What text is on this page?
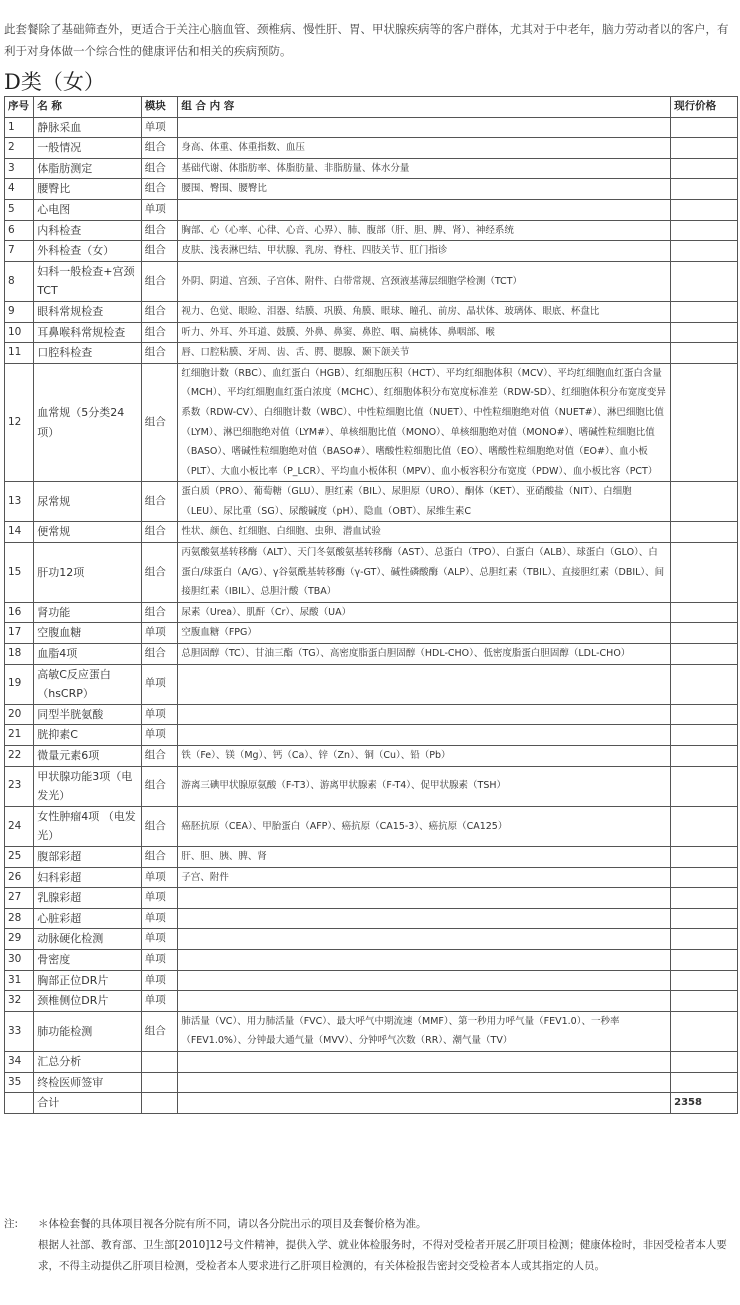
此套餐除了基础筛查外，更适合于关注心脑血管、颈椎病、慢性肝、胃、甲状腺疾病等的客户群体，尤其对于中老年，脑力劳动者以的客户，有利于对身体做一个综合性的健康评估和相关的疾病预防。
D类（女）
序号	名 称	模块	组 合 内 容	现行价格
1	静脉采血	单项		
2	一般情况	组合	身高、体重、体重指数、血压	
3	体脂肪测定	组合	基础代谢、体脂肪率、体脂肪量、非脂肪量、体水分量	
4	腰臀比	组合	腰围、臀围、腰臀比	
5	心电图	单项		
6	内科检查	组合	胸部、心（心率、心律、心音、心界）、肺、腹部（肝、胆、脾、肾）、神经系统	
7	外科检查（女）	组合	皮肤、浅表淋巴结、甲状腺、乳房、脊柱、四肢关节、肛门指诊	
8	妇科一般检查+宫颈TCT	组合	外阴、阴道、宫颈、子宫体、附件、白带常规、宫颈液基薄层细胞学检测（TCT）	
9	眼科常规检查	组合	视力、色觉、眼睑、泪器、结膜、巩膜、角膜、眼球、瞳孔、前房、晶状体、玻璃体、眼底、杯盘比	
10	耳鼻喉科常规检查	组合	听力、外耳、外耳道、鼓膜、外鼻、鼻窦、鼻腔、咽、扁桃体、鼻咽部、喉	
11	口腔科检查	组合	唇、口腔粘膜、牙周、齿、舌、腭、腮腺、颞下颌关节	
12	血常规（5分类24项）	组合	红细胞计数（RBC）、血红蛋白（HGB）、红细胞压积（HCT）、平均红细胞体积（MCV）、平均红细胞血红蛋白含量（MCH）、平均红细胞血红蛋白浓度（MCHC）、红细胞体积分布宽度标准差（RDW-SD）、红细胞体积分布宽度变异系数（RDW-CV）、白细胞计数（WBC）、中性粒细胞比值（NUET）、中性粒细胞绝对值（NUET#）、淋巴细胞比值（LYM）、淋巴细胞绝对值（LYM#）、单核细胞比值（MONO）、单核细胞绝对值（MONO#）、嗜碱性粒细胞比值（BASO）、嗜碱性粒细胞绝对值（BASO#）、嗜酸性粒细胞比值（EO）、嗜酸性粒细胞绝对值（EO#）、血小板（PLT）、大血小板比率（P_LCR）、平均血小板体积（MPV）、血小板容积分布宽度（PDW）、血小板比容（PCT）	
13	尿常规	组合	蛋白质（PRO）、葡萄糖（GLU）、胆红素（BIL）、尿胆原（URO）、酮体（KET）、亚硝酸盐（NIT）、白细胞（LEU）、尿比重（SG）、尿酸碱度（pH）、隐血（OBT）、尿维生素C	
14	便常规	组合	性状、颜色、红细胞、白细胞、虫卵、潜血试验	
15	肝功12项	组合	丙氨酸氨基转移酶（ALT）、天门冬氨酸氨基转移酶（AST）、总蛋白（TPO）、白蛋白（ALB）、球蛋白（GLO）、白蛋白/球蛋白（A/G）、γ谷氨酰基转移酶（γ-GT）、碱性磷酸酶（ALP）、总胆红素（TBIL）、直接胆红素（DBIL）、间接胆红素（IBIL）、总胆汁酸（TBA）	
16	肾功能	组合	尿素（Urea）、肌酐（Cr）、尿酸（UA）	
17	空腹血糖	单项	空腹血糖（FPG）	
18	血脂4项	组合	总胆固醇（TC）、甘油三酯（TG）、高密度脂蛋白胆固醇（HDL-CHO）、低密度脂蛋白胆固醇（LDL-CHO）	
19	高敏C反应蛋白（hsCRP）	单项		
20	同型半胱氨酸	单项		
21	胱抑素C	单项		
22	微量元素6项	组合	铁（Fe）、镁（Mg）、钙（Ca）、锌（Zn）、铜（Cu）、铅（Pb）	
23	甲状腺功能3项（电发光）	组合	游离三碘甲状腺原氨酸（F-T3）、游离甲状腺素（F-T4）、促甲状腺素（TSH）	
24	女性肿瘤4项 （电发光）	组合	癌胚抗原（CEA）、甲胎蛋白（AFP）、癌抗原（CA15-3）、癌抗原（CA125）	
25	腹部彩超	组合	肝、胆、胰、脾、肾	
26	妇科彩超	单项	子宫、附件	
27	乳腺彩超	单项		
28	心脏彩超	单项		
29	动脉硬化检测	单项		
30	骨密度	单项		
31	胸部正位DR片	单项		
32	颈椎侧位DR片	单项		
33	肺功能检测	组合	肺活量（VC）、用力肺活量（FVC）、最大呼气中期流速（MMF）、第一秒用力呼气量（FEV1.0）、一秒率（FEV1.0%）、分钟最大通气量（MVV）、分钟呼气次数（RR）、潮气量（TV）	
34	汇总分析			
35	终检医师签审			
	合计			2358
注:	＊体检套餐的具体项目视各分院有所不同，请以各分院出示的项目及套餐价格为准。
根据人社部、教育部、卫生部[2010]12号文件精神，提供入学、就业体检服务时，不得对受检者开展乙肝项目检测；健康体检时，非因受检者本人要求，不得主动提供乙肝项目检测，受检者本人要求进行乙肝项目检测的，有关体检报告密封交受检者本人或其指定的人员。
